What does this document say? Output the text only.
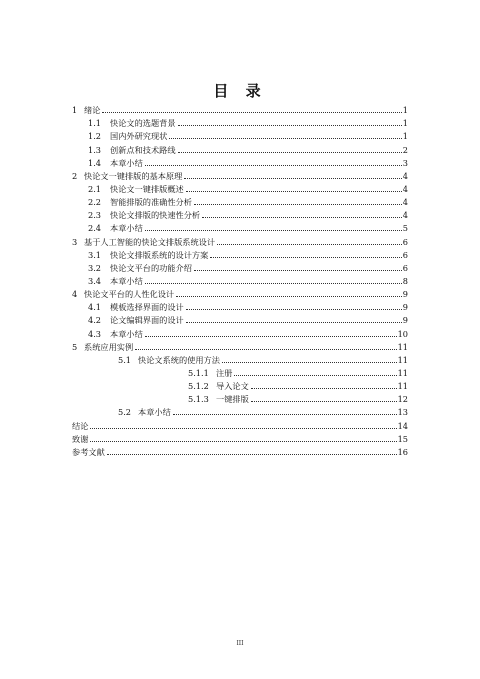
目 录
1 绪论	1
1.1	快论文的选题背景	1
1.2	国内外研究现状	1
1.3	创新点和技术路线	2
1.4	本章小结	3
2 快论文一键排版的基本原理	4
2.1	快论文一键排版概述	4
2.2	智能排版的准确性分析	4
2.3	快论文排版的快速性分析	4
2.4	本章小结	5
3 基于人工智能的快论文排版系统设计	6
3.1	快论文排版系统的设计方案	6
3.2	快论文平台的功能介绍	6
3.4	本章小结	8
4 快论文平台的人性化设计	9
4.1	模板选择界面的设计	9
4.2	论文编辑界面的设计	9
4.3	本章小结	10
5 系统应用实例	11
5.1 快论文系统的使用方法	11
5.1.1 注册	11
5.1.2 导入论文	11
5.1.3 一键排版	12
5.2 本章小结	13
结论	14
致谢	15
参考文献	16
III
